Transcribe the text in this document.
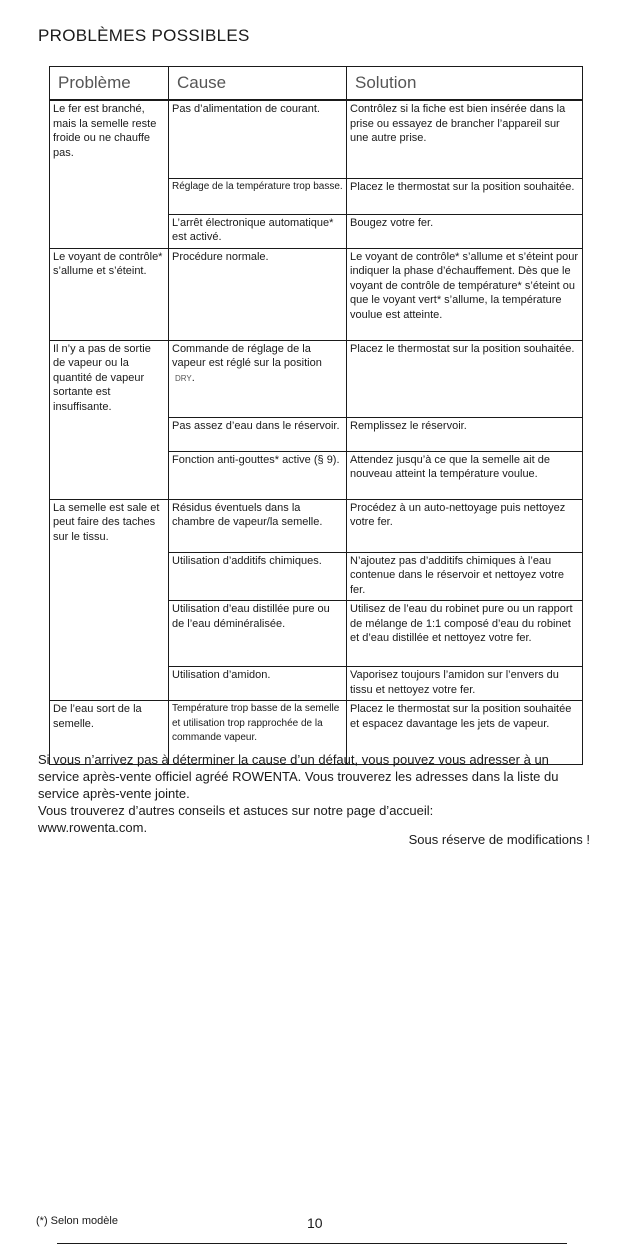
PROBLÈMES POSSIBLES
Problème	Cause	Solution
Le fer est branché, mais la semelle reste froide ou ne chauffe pas.	Pas d’alimentation de courant.	Contrôlez si la fiche est bien insérée dans la prise ou essayez de brancher l’appareil sur une autre prise.
	Réglage de la température trop basse.	Placez le thermostat sur la position souhaitée.
	L’arrêt électronique automatique* est activé.	Bougez votre fer.
Le voyant de contrôle* s’allume et s’éteint.	Procédure normale.	Le voyant de contrôle* s’allume et s’éteint pour indiquer la phase d’échauffement. Dès que le voyant de contrôle de température* s’éteint ou que le voyant vert* s’allume, la température voulue est atteinte.
Il n’y a pas de sortie de vapeur ou la quantité de vapeur sortante est insuffisante.	Commande de réglage de la vapeur est réglé sur la position DRY.	Placez le thermostat sur la position souhaitée.
	Pas assez d’eau dans le réservoir.	Remplissez le réservoir.
	Fonction anti-gouttes* active (§ 9).	Attendez jusqu’à ce que la semelle ait de nouveau atteint la température voulue.
La semelle est sale et peut faire des taches sur le tissu.	Résidus éventuels dans la chambre de vapeur/la semelle.	Procédez à un auto-nettoyage puis nettoyez votre fer.
	Utilisation d’additifs chimiques.	N’ajoutez pas d’additifs chimiques à l’eau contenue dans le réservoir et nettoyez votre fer.
	Utilisation d’eau distillée pure ou de l’eau déminéralisée.	Utilisez de l’eau du robinet pure ou un rapport de mélange de 1:1 composé d’eau du robinet et d’eau distillée et nettoyez votre fer.
	Utilisation d’amidon.	Vaporisez toujours l’amidon sur l’envers du tissu et nettoyez votre fer.
De l’eau sort de la semelle.	Température trop basse de la semelle et utilisation trop rapprochée de la commande vapeur.	Placez le thermostat sur la position souhaitée et espacez davantage les jets de vapeur.

Si vous n’arrivez pas à déterminer la cause d’un défaut, vous pouvez vous adresser à un service après-vente officiel agréé ROWENTA. Vous trouverez les adresses dans la liste du service après-vente jointe.

Vous trouverez d’autres conseils et astuces sur notre page d’accueil:

www.rowenta.com.

Sous réserve de modifications !
(*) Selon modèle	10
